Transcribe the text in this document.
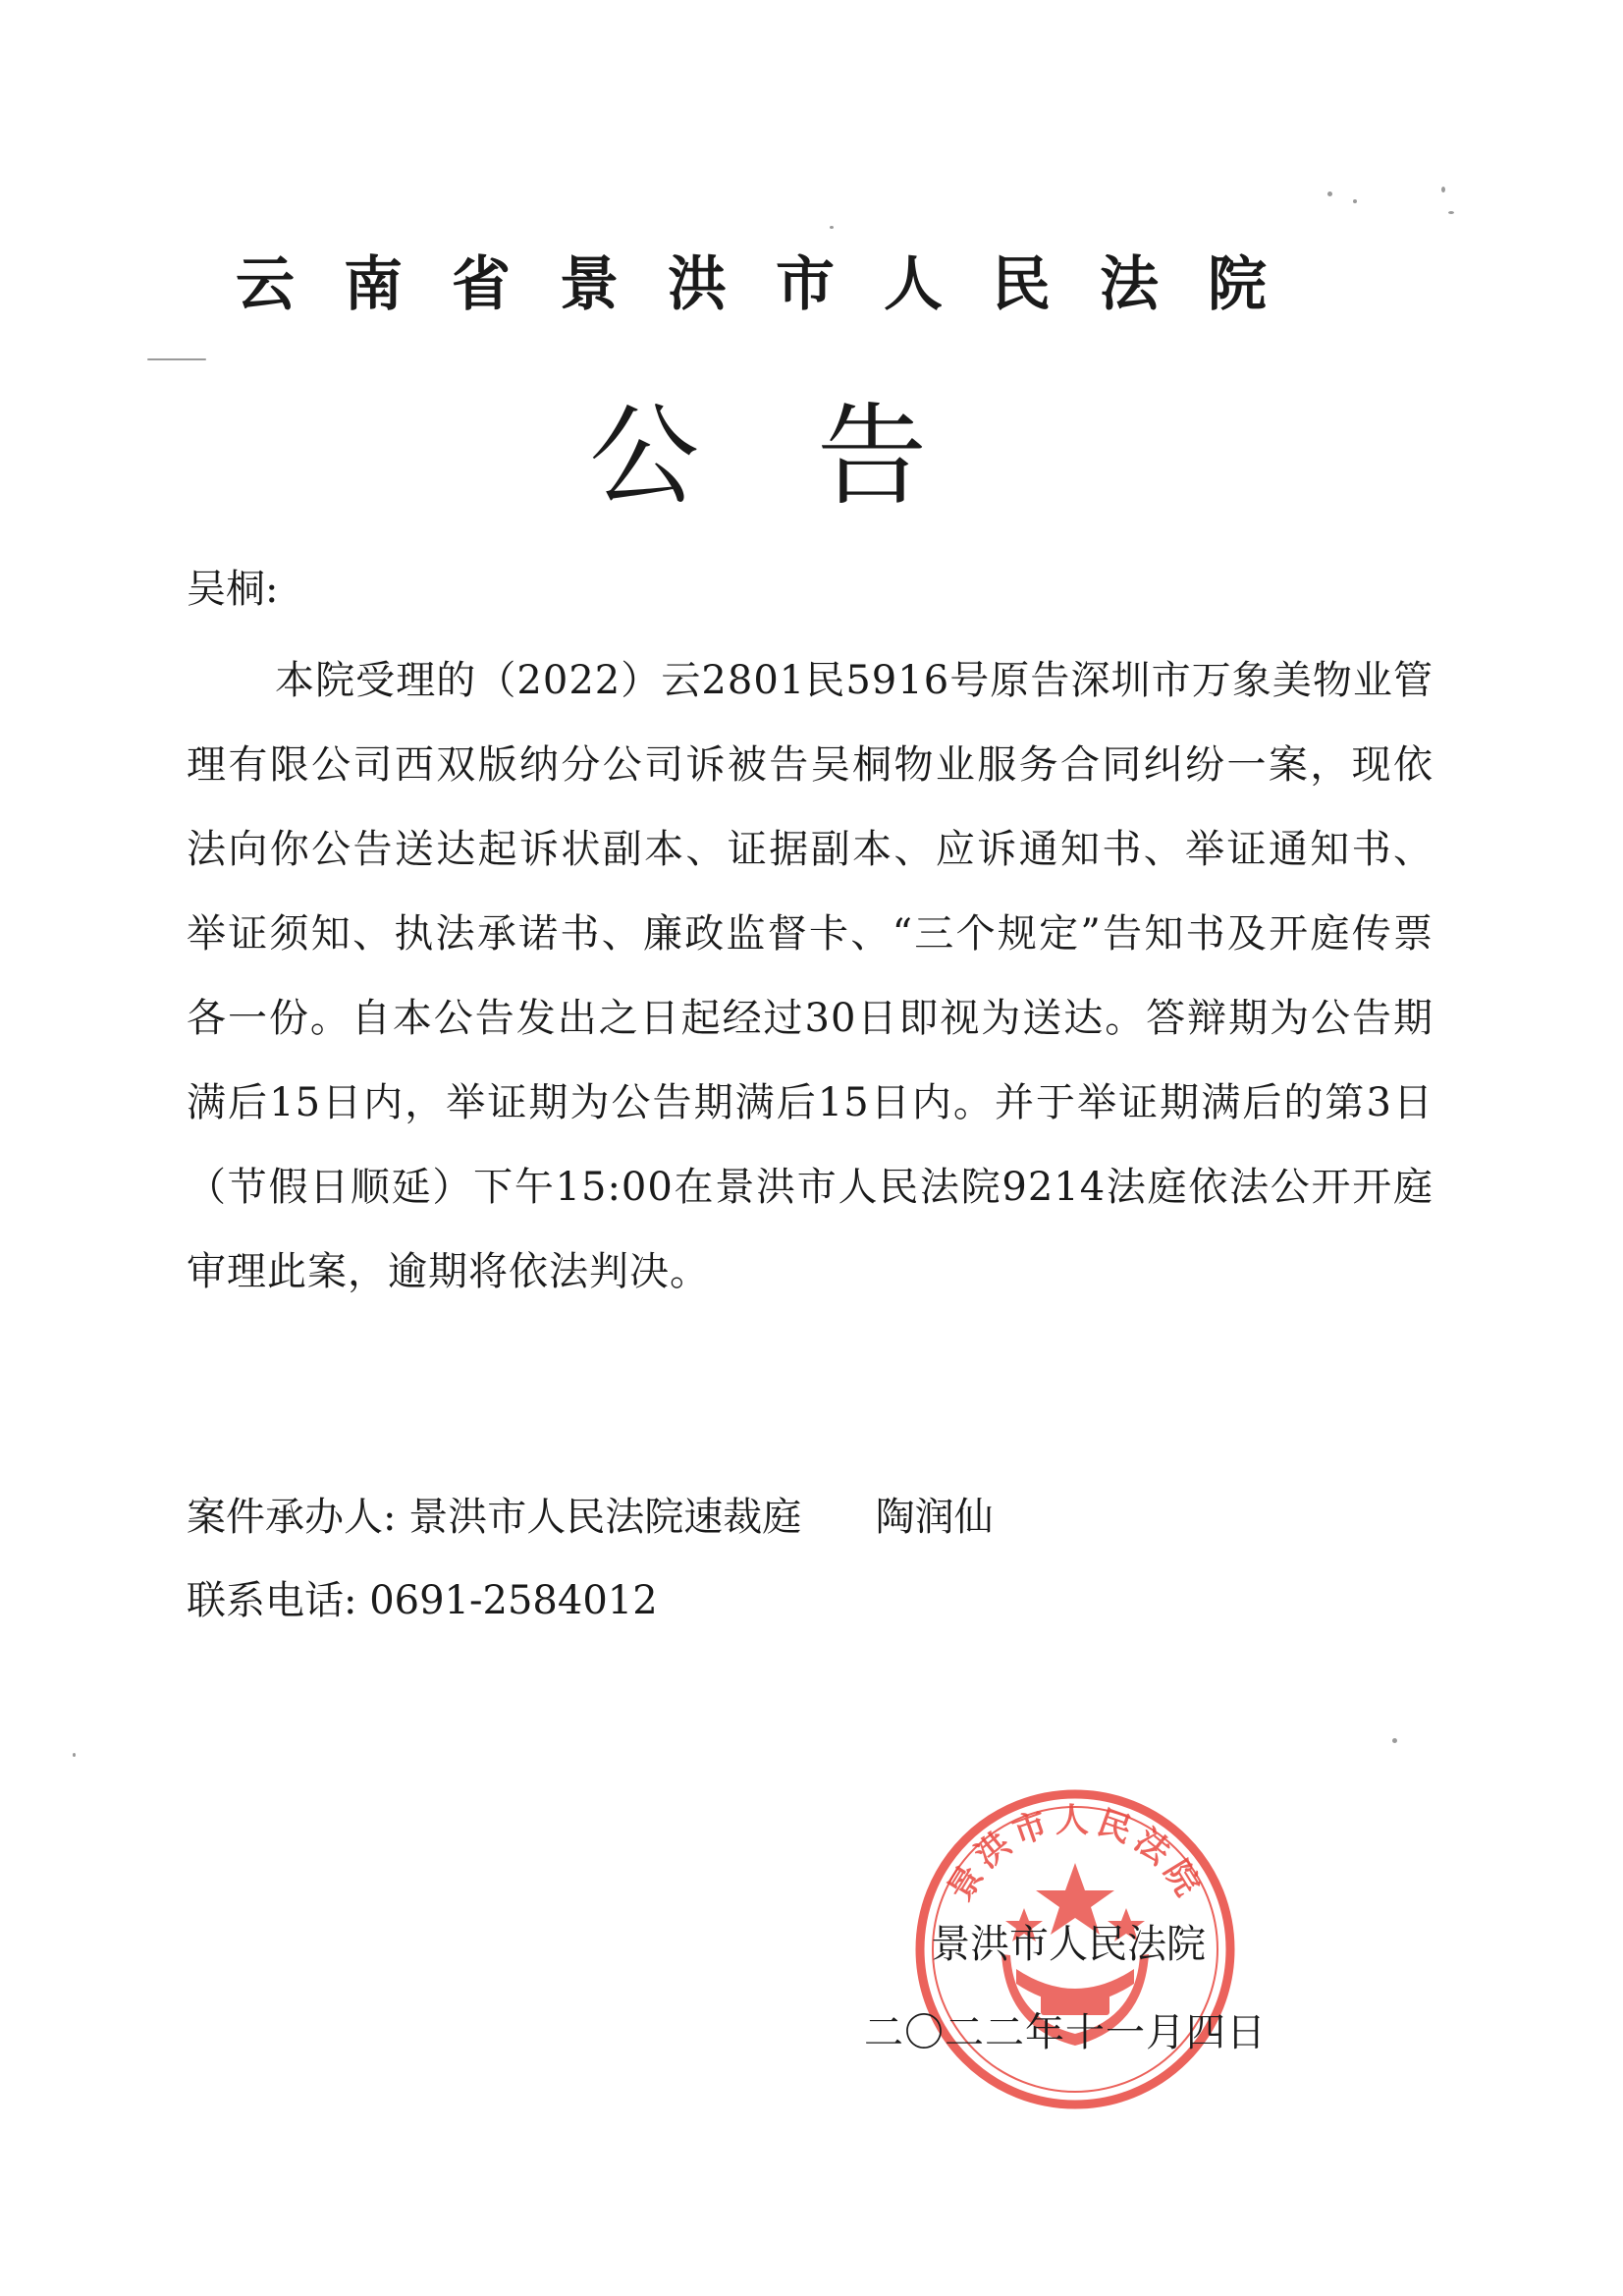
云南省景洪市人民法院
公告
吴桐:

本院受理的（2022）云2801民5916号原告深圳市万象美物业管理有限公司西双版纳分公司诉被告吴桐物业服务合同纠纷一案，现依法向你公告送达起诉状副本、证据副本、应诉通知书、举证通知书、举证须知、执法承诺书、廉政监督卡、“三个规定”告知书及开庭传票各一份。自本公告发出之日起经过30日即视为送达。答辩期为公告期满后15日内，举证期为公告期满后15日内。并于举证期满后的第3日（节假日顺延）下午15:00在景洪市人民法院9214法庭依法公开开庭审理此案，逾期将依法判决。

案件承办人: 景洪市人民法院速裁庭 陶润仙
联系电话: 0691-2584012
景洪市人民法院
景洪市人民法院
二〇二二年十一月四日
